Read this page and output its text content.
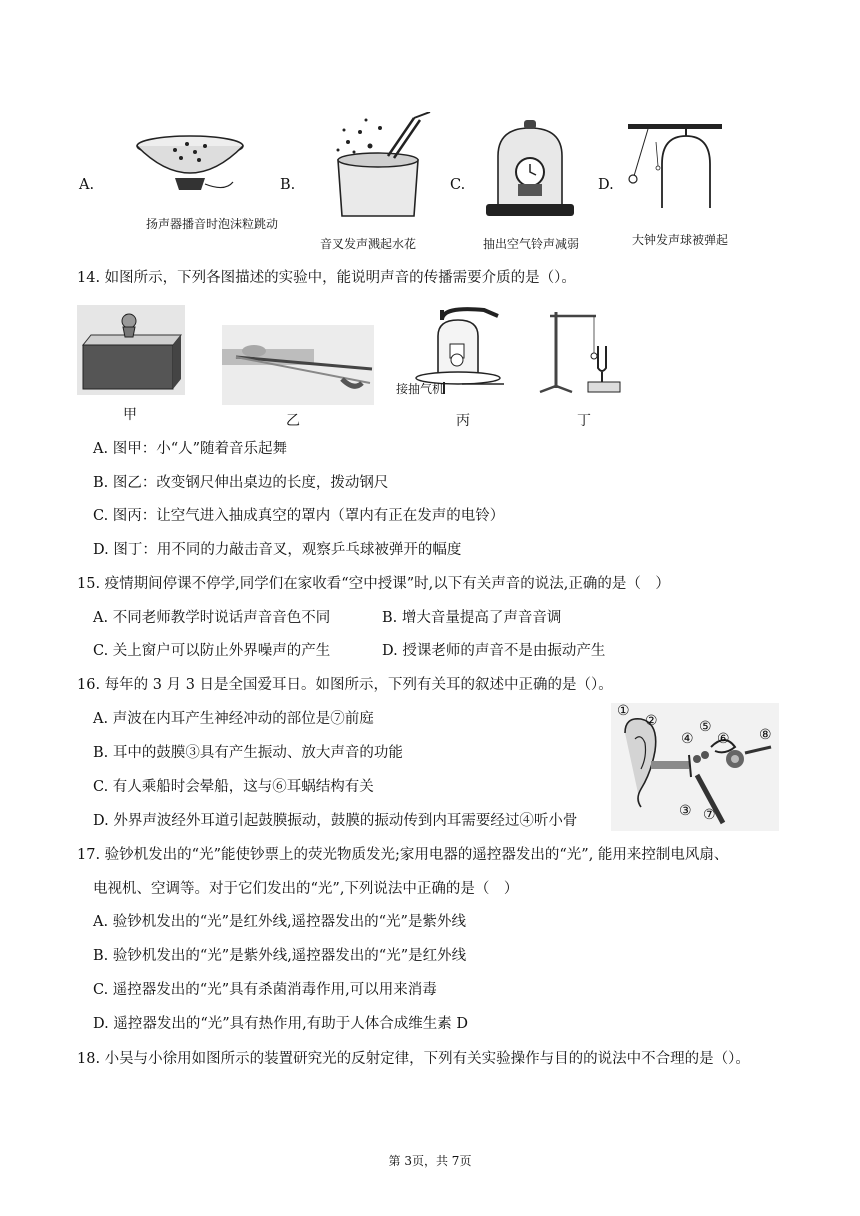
A.
扬声器播音时泡沫粒跳动
B.
音叉发声溅起水花
C.
抽出空气铃声减弱
D.
大钟发声球被弹起
14. 如图所示，下列各图描述的实验中，能说明声音的传播需要介质的是（）。
甲	乙
接抽气机
丙	丁
A. 图甲：小“人”随着音乐起舞
B. 图乙：改变钢尺伸出桌边的长度，拨动钢尺
C. 图丙：让空气进入抽成真空的罩内（罩内有正在发声的电铃）
D. 图丁：用不同的力敲击音叉，观察乒乓球被弹开的幅度
15. 疫情期间停课不停学,同学们在家收看“空中授课”时,以下有关声音的说法,正确的是（　）
A. 不同老师教学时说话声音音色不同	B. 增大音量提高了声音音调
C. 关上窗户可以防止外界噪声的产生	D. 授课老师的声音不是由振动产生
16. 每年的 3 月 3 日是全国爱耳日。如图所示，下列有关耳的叙述中正确的是（）。
A. 声波在内耳产生神经冲动的部位是⑦前庭
B. 耳中的鼓膜③具有产生振动、放大声音的功能
C. 有人乘船时会晕船，这与⑥耳蜗结构有关
D. 外界声波经外耳道引起鼓膜振动，鼓膜的振动传到内耳需要经过④听小骨
①
②
③
④
⑤
⑥
⑦
⑧
17. 验钞机发出的“光”能使钞票上的荧光物质发光;家用电器的遥控器发出的“光”, 能用来控制电风扇、
电视机、空调等。对于它们发出的“光”,下列说法中正确的是（　）
A. 验钞机发出的“光”是红外线,遥控器发出的“光”是紫外线
B. 验钞机发出的“光”是紫外线,遥控器发出的“光”是红外线
C. 遥控器发出的“光”具有杀菌消毒作用,可以用来消毒
D. 遥控器发出的“光”具有热作用,有助于人体合成维生素 D
18. 小吴与小徐用如图所示的装置研究光的反射定律，下列有关实验操作与目的的说法中不合理的是（）。
第 3页，共 7页
